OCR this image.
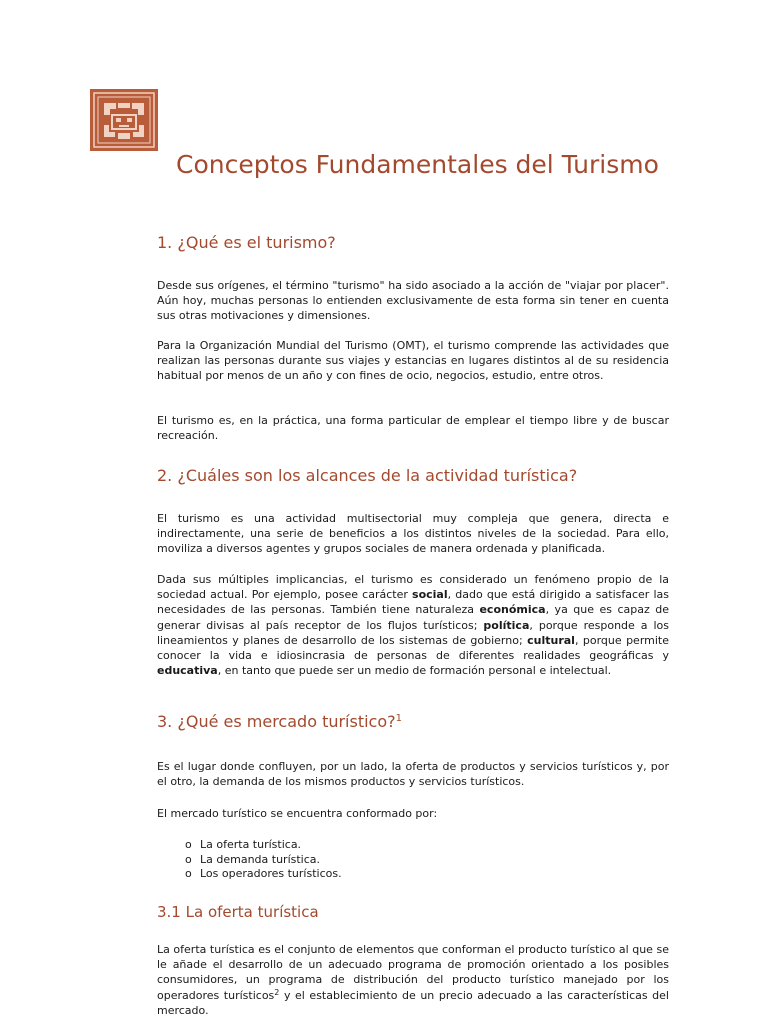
Conceptos Fundamentales del Turismo
1. ¿Qué es el turismo?

Desde sus orígenes, el término "turismo" ha sido asociado a la acción de "viajar por placer". Aún hoy, muchas personas lo entienden exclusivamente de esta forma sin tener en cuenta sus otras motivaciones y dimensiones.

Para la Organización Mundial del Turismo (OMT), el turismo comprende las actividades que realizan las personas durante sus viajes y estancias en lugares distintos al de su residencia habitual por menos de un año y con fines de ocio, negocios, estudio, entre otros.

El turismo es, en la práctica, una forma particular de emplear el tiempo libre y de buscar recreación.

2. ¿Cuáles son los alcances de la actividad turística?

El turismo es una actividad multisectorial muy compleja que genera, directa e indirectamente, una serie de beneficios a los distintos niveles de la sociedad. Para ello, moviliza a diversos agentes y grupos sociales de manera ordenada y planificada.

Dada sus múltiples implicancias, el turismo es considerado un fenómeno propio de la sociedad actual. Por ejemplo, posee carácter social, dado que está dirigido a satisfacer las necesidades de las personas. También tiene naturaleza económica, ya que es capaz de generar divisas al país receptor de los flujos turísticos; política, porque responde a los lineamientos y planes de desarrollo de los sistemas de gobierno; cultural, porque permite conocer la vida e idiosincrasia de personas de diferentes realidades geográficas y educativa, en tanto que puede ser un medio de formación personal e intelectual.

3. ¿Qué es mercado turístico?$^1$

Es el lugar donde confluyen, por un lado, la oferta de productos y servicios turísticos y, por el otro, la demanda de los mismos productos y servicios turísticos.

El mercado turístico se encuentra conformado por:

o La oferta turística.
o La demanda turística.
o Los operadores turísticos.
3.1 La oferta turística

La oferta turística es el conjunto de elementos que conforman el producto turístico al que se le añade el desarrollo de un adecuado programa de promoción orientado a los posibles consumidores, un programa de distribución del producto turístico manejado por los operadores turísticos$^2$ y el establecimiento de un precio adecuado a las características del mercado.
